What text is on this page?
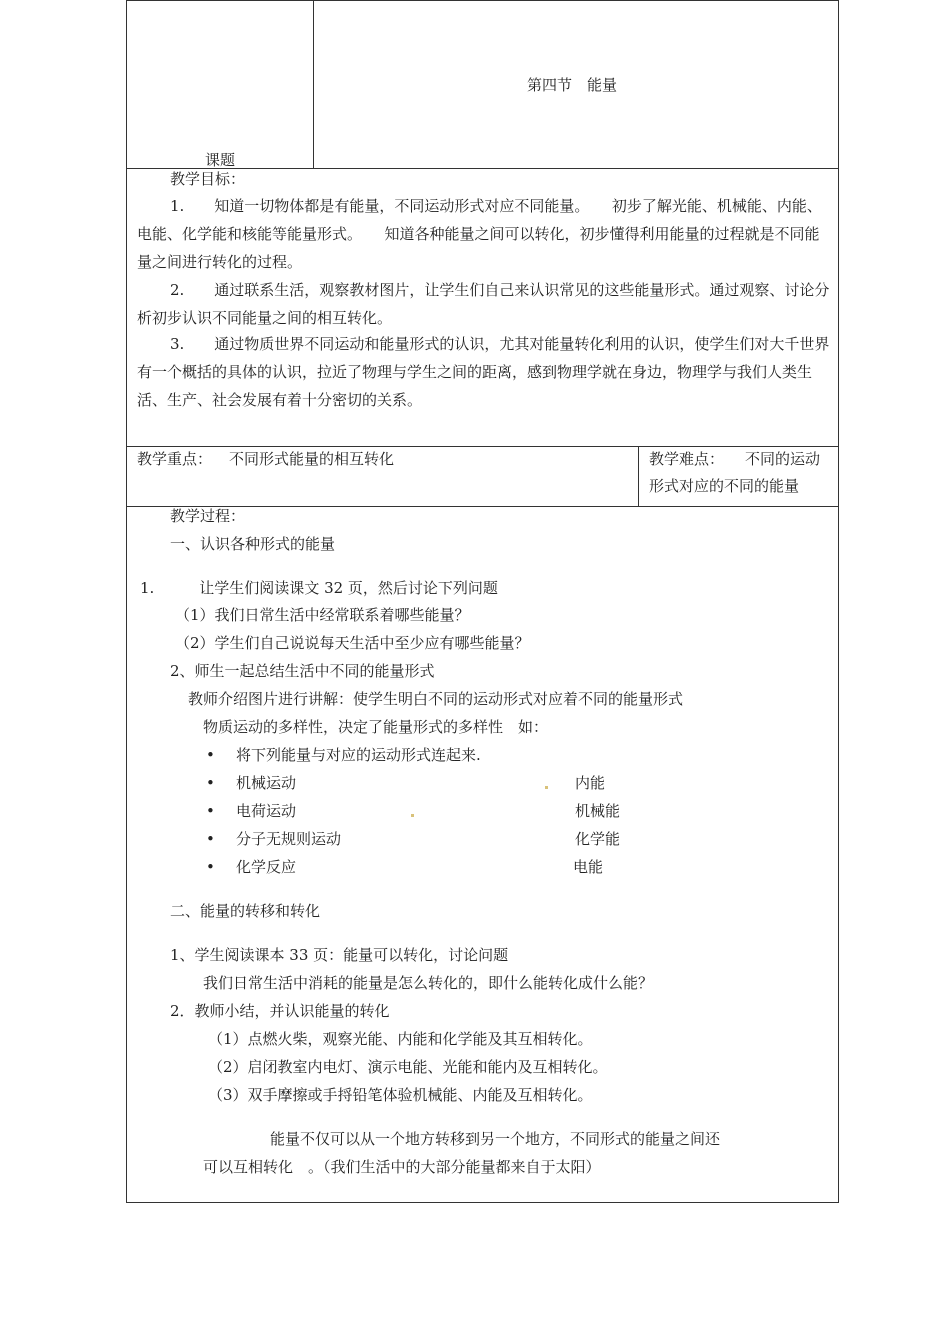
第四节　能量
课题
教学目标：
1.　　知道一切物体都是有能量，不同运动形式对应不同能量。　　初步了解光能、机械能、内能、电能、化学能和核能等能量形式。　　知道各种能量之间可以转化，初步懂得利用能量的过程就是不同能量之间进行转化的过程。
2.　　通过联系生活，观察教材图片，让学生们自己来认识常见的这些能量形式。通过观察、讨论分析初步认识不同能量之间的相互转化。
3.　　通过物质世界不同运动和能量形式的认识，尤其对能量转化利用的认识，使学生们对大千世界有一个概括的具体的认识，拉近了物理与学生之间的距离，感到物理学就在身边，物理学与我们人类生活、生产、社会发展有着十分密切的关系。
教学重点： 不同形式能量的相互转化	教学难点： 不同的运动
形式对应的不同的能量
教学过程：
一、认识各种形式的能量
1.　　　让学生们阅读课文 32 页，然后讨论下列问题
（1）我们日常生活中经常联系着哪些能量？
（2）学生们自己说说每天生活中至少应有哪些能量？
2、师生一起总结生活中不同的能量形式
教师介绍图片进行讲解：使学生明白不同的运动形式对应着不同的能量形式
物质运动的多样性，决定了能量形式的多样性　如：
• 将下列能量与对应的运动形式连起来.
• 机械运动	内能
• 电荷运动	机械能
• 分子无规则运动	化学能
• 化学反应	电能
二、能量的转移和转化
1、学生阅读课本 33 页：能量可以转化，讨论问题
我们日常生活中消耗的能量是怎么转化的，即什么能转化成什么能？
2．教师小结，并认识能量的转化
（1）点燃火柴，观察光能、内能和化学能及其互相转化。
（2）启闭教室内电灯、演示电能、光能和能内及互相转化。
（3）双手摩擦或手捋铅笔体验机械能、内能及互相转化。
能量不仅可以从一个地方转移到另一个地方，不同形式的能量之间还
可以互相转化　。（我们生活中的大部分能量都来自于太阳）
